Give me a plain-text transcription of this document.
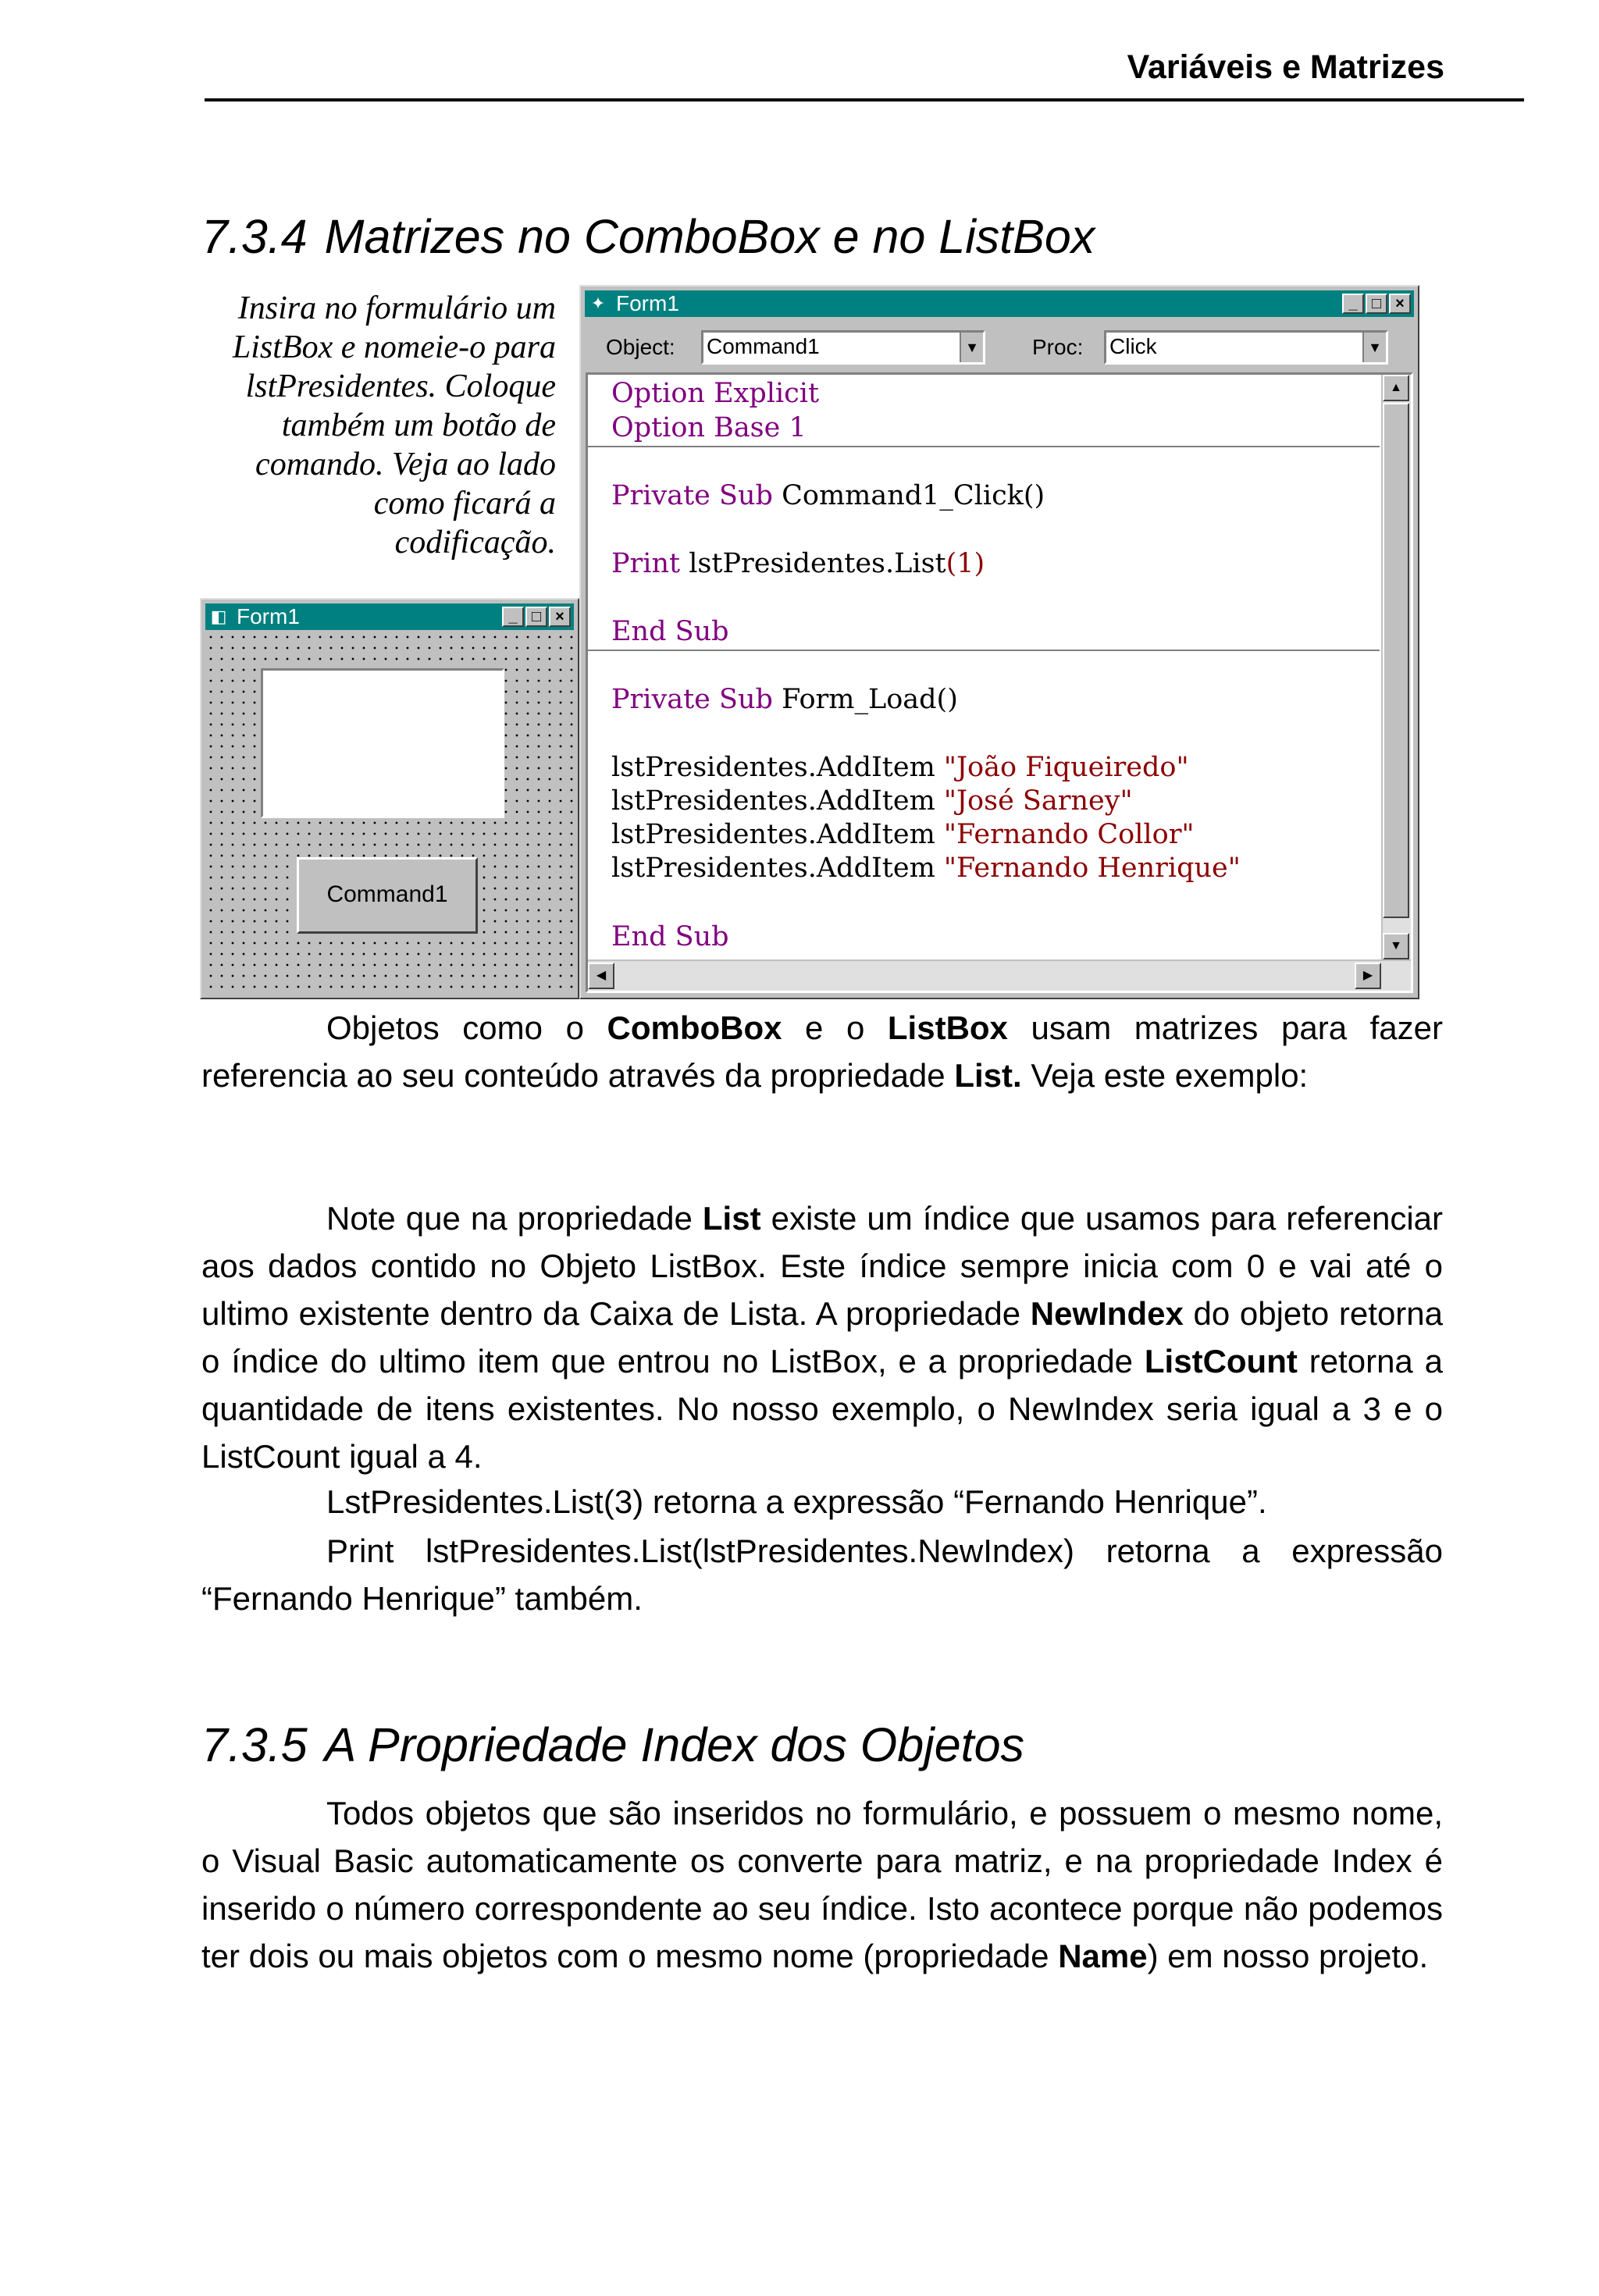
Variáveis e Matrizes
7.3.4 Matrizes no ComboBox e no ListBox
Insira no formulário um ListBox e nomeie-o para lstPresidentes. Coloque também um botão de comando. Veja ao lado como ficará a codificação.
◧ Form1	_ □ ×
Command1
✦ Form1	_ □ ×
Object: Command1	▼ Proc: Click	▼
Option Explicit
Option Base 1
Private Sub Command1_Click()
Print lstPresidentes.List(1)
End Sub
Private Sub Form_Load()
lstPresidentes.AddItem "João Fiqueiredo"
lstPresidentes.AddItem "José Sarney"
lstPresidentes.AddItem "Fernando Collor"
lstPresidentes.AddItem "Fernando Henrique"
End Sub
▲
▼
◀	▶

Objetos como o ComboBox e o ListBox usam matrizes para fazer referencia ao seu conteúdo através da propriedade List. Veja este exemplo:

Note que na propriedade List existe um índice que usamos para referenciar aos dados contido no Objeto ListBox. Este índice sempre inicia com 0 e vai até o ultimo existente dentro da Caixa de Lista. A propriedade NewIndex do objeto retorna o índice do ultimo item que entrou no ListBox, e a propriedade ListCount retorna a quantidade de itens existentes. No nosso exemplo, o NewIndex seria igual a 3 e o ListCount igual a 4.

LstPresidentes.List(3) retorna a expressão “Fernando Henrique”.

Print lstPresidentes.List(lstPresidentes.NewIndex) retorna a expressão “Fernando Henrique” também.

7.3.5 A Propriedade Index dos Objetos

Todos objetos que são inseridos no formulário, e possuem o mesmo nome, o Visual Basic automaticamente os converte para matriz, e na propriedade Index é inserido o número correspondente ao seu índice. Isto acontece porque não podemos ter dois ou mais objetos com o mesmo nome (propriedade Name) em nosso projeto.
